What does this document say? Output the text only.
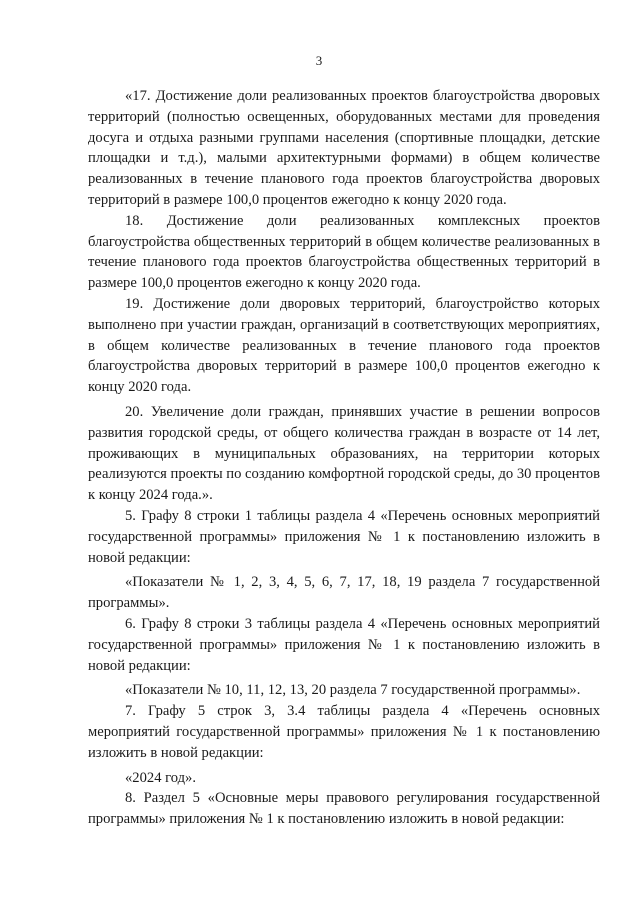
3

«17. Достижение доли реализованных проектов благоустройства дворовых территорий (полностью освещенных, оборудованных местами для проведения досуга и отдыха разными группами населения (спортивные площадки, детские площадки и т.д.), малыми архитектурными формами) в общем количестве реализованных в течение планового года проектов благоустройства дворовых территорий в размере 100,0 процентов ежегодно к концу 2020 года.

18. Достижение доли реализованных комплексных проектов благоустройства общественных территорий в общем количестве реализованных в течение планового года проектов благоустройства общественных территорий в размере 100,0 процентов ежегодно к концу 2020 года.

19. Достижение доли дворовых территорий, благоустройство которых выполнено при участии граждан, организаций в соответствующих мероприятиях, в общем количестве реализованных в течение планового года проектов благоустройства дворовых территорий в размере 100,0 процентов ежегодно к концу 2020 года.

20. Увеличение доли граждан, принявших участие в решении вопросов развития городской среды, от общего количества граждан в возрасте от 14 лет, проживающих в муниципальных образованиях, на территории которых реализуются проекты по созданию комфортной городской среды, до 30 процентов к концу 2024 года.».

5. Графу 8 строки 1 таблицы раздела 4 «Перечень основных мероприятий государственной программы» приложения № 1 к постановлению изложить в новой редакции:

«Показатели № 1, 2, 3, 4, 5, 6, 7, 17, 18, 19 раздела 7 государственной программы».

6. Графу 8 строки 3 таблицы раздела 4 «Перечень основных мероприятий государственной программы» приложения № 1 к постановлению изложить в новой редакции:

«Показатели № 10, 11, 12, 13, 20 раздела 7 государственной программы».

7. Графу 5 строк 3, 3.4 таблицы раздела 4 «Перечень основных мероприятий государственной программы» приложения № 1 к постановлению изложить в новой редакции:

«2024 год».

8. Раздел 5 «Основные меры правового регулирования государственной программы» приложения № 1 к постановлению изложить в новой редакции:
